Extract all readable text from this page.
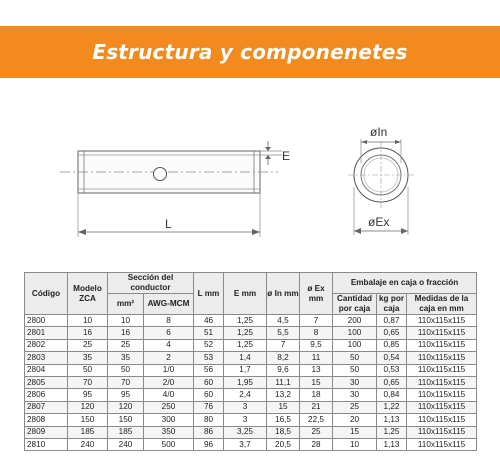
Estructura y componenetes
E
L
øIn
øEx
Código	Modelo ZCA	Sección del conductor		L mm	E mm	ø In mm	ø Ex mm	Embalaje en caja o fracción		
		mm²	AWG-MCM					Cantidad por caja	kg por caja	Medidas de la caja en mm
2800	10	10	8	46	1,25	4,5	7	200	0,87	110x115x115
2801	16	16	6	51	1,25	5,5	8	100	0,65	110x115x115
2802	25	25	4	52	1,25	7	9,5	100	0,85	110x115x115
2803	35	35	2	53	1,4	8,2	11	50	0,54	110x115x115
2804	50	50	1/0	56	1,7	9,6	13	50	0,53	110x115x115
2805	70	70	2/0	60	1,95	11,1	15	30	0,65	110x115x115
2806	95	95	4/0	60	2,4	13,2	18	30	0,84	110x115x115
2807	120	120	250	76	3	15	21	25	1,22	110x115x115
2808	150	150	300	80	3	16,5	22,5	20	1,13	110x115x115
2809	185	185	350	86	3,25	18,5	25	15	1,25	110x115x115
2810	240	240	500	96	3,7	20,5	28	10	1,13	110x115x115
